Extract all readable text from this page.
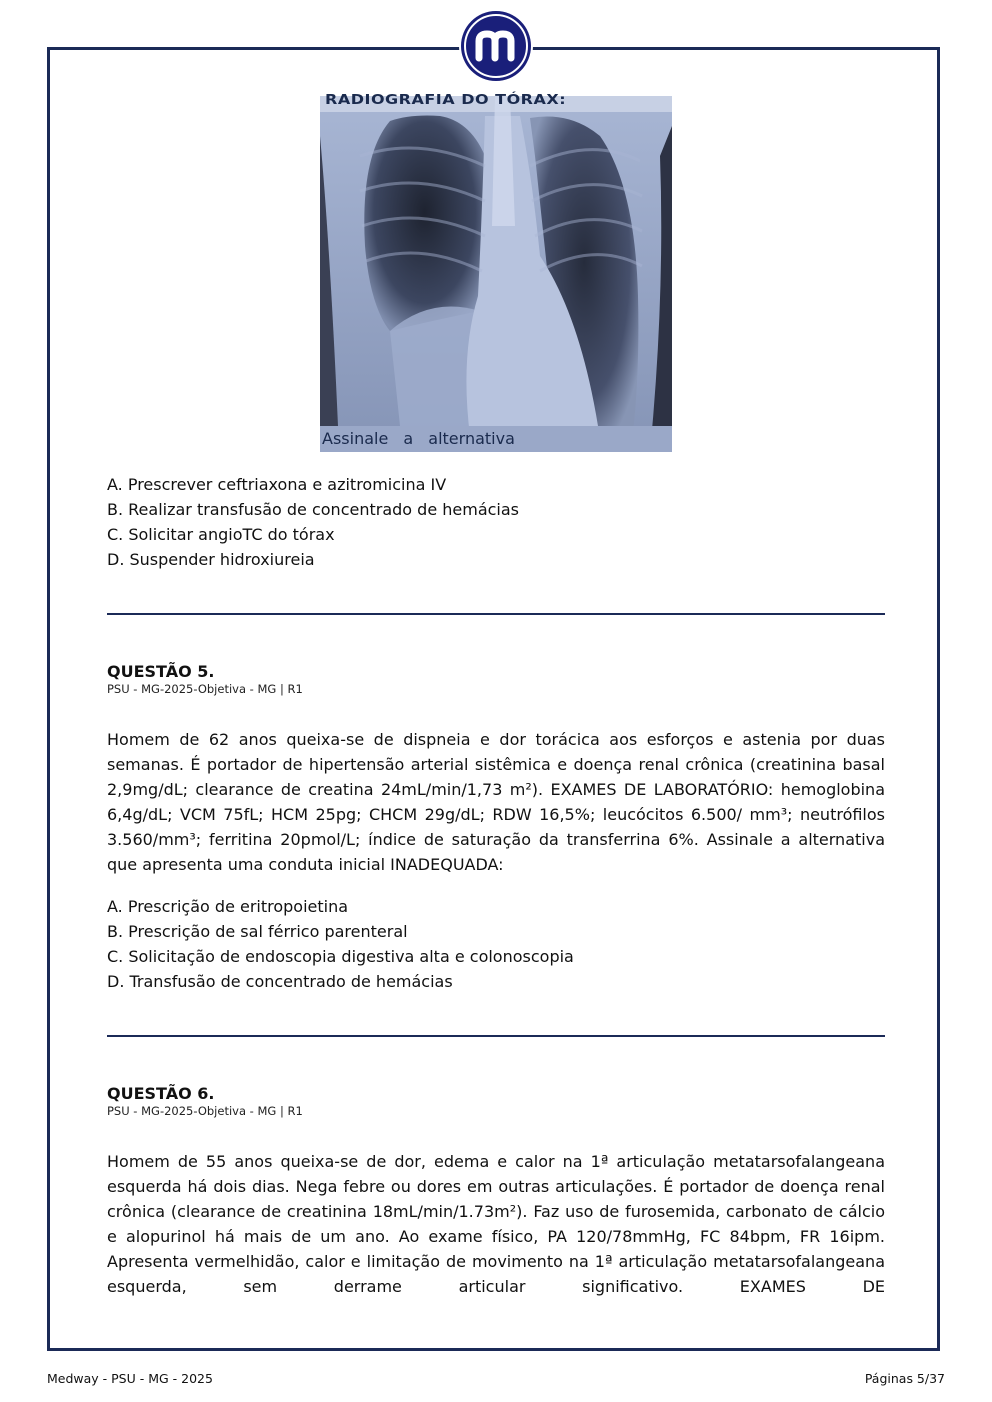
RADIOGRAFIA DO TÓRAX:
Assinale a alternativa
A. Prescrever ceftriaxona e azitromicina IV
B. Realizar transfusão de concentrado de hemácias
C. Solicitar angioTC do tórax
D. Suspender hidroxiureia
QUESTÃO 5.
PSU - MG-2025-Objetiva - MG | R1
Homem de 62 anos queixa-se de dispneia e dor torácica aos esforços e astenia por duas semanas. É portador de hipertensão arterial sistêmica e doença renal crônica (creatinina basal 2,9mg/dL; clearance de creatina 24mL/min/1,73 m²). EXAMES DE LABORATÓRIO: hemoglobina 6,4g/dL; VCM 75fL; HCM 25pg; CHCM 29g/dL; RDW 16,5%; leucócitos 6.500/ mm³; neutrófilos 3.560/mm³; ferritina 20pmol/L; índice de saturação da transferrina 6%. Assinale a alternativa que apresenta uma conduta inicial INADEQUADA:
A. Prescrição de eritropoietina
B. Prescrição de sal férrico parenteral
C. Solicitação de endoscopia digestiva alta e colonoscopia
D. Transfusão de concentrado de hemácias
QUESTÃO 6.
PSU - MG-2025-Objetiva - MG | R1
Homem de 55 anos queixa-se de dor, edema e calor na 1ª articulação metatarsofalangeana esquerda há dois dias. Nega febre ou dores em outras articulações. É portador de doença renal crônica (clearance de creatinina 18mL/min/1.73m²). Faz uso de furosemida, carbonato de cálcio e alopurinol há mais de um ano. Ao exame físico, PA 120/78mmHg, FC 84bpm, FR 16ipm. Apresenta vermelhidão, calor e limitação de movimento na 1ª articulação metatarsofalangeana esquerda, sem derrame articular significativo. EXAMES DE
Medway - PSU - MG - 2025	Páginas 5/37
